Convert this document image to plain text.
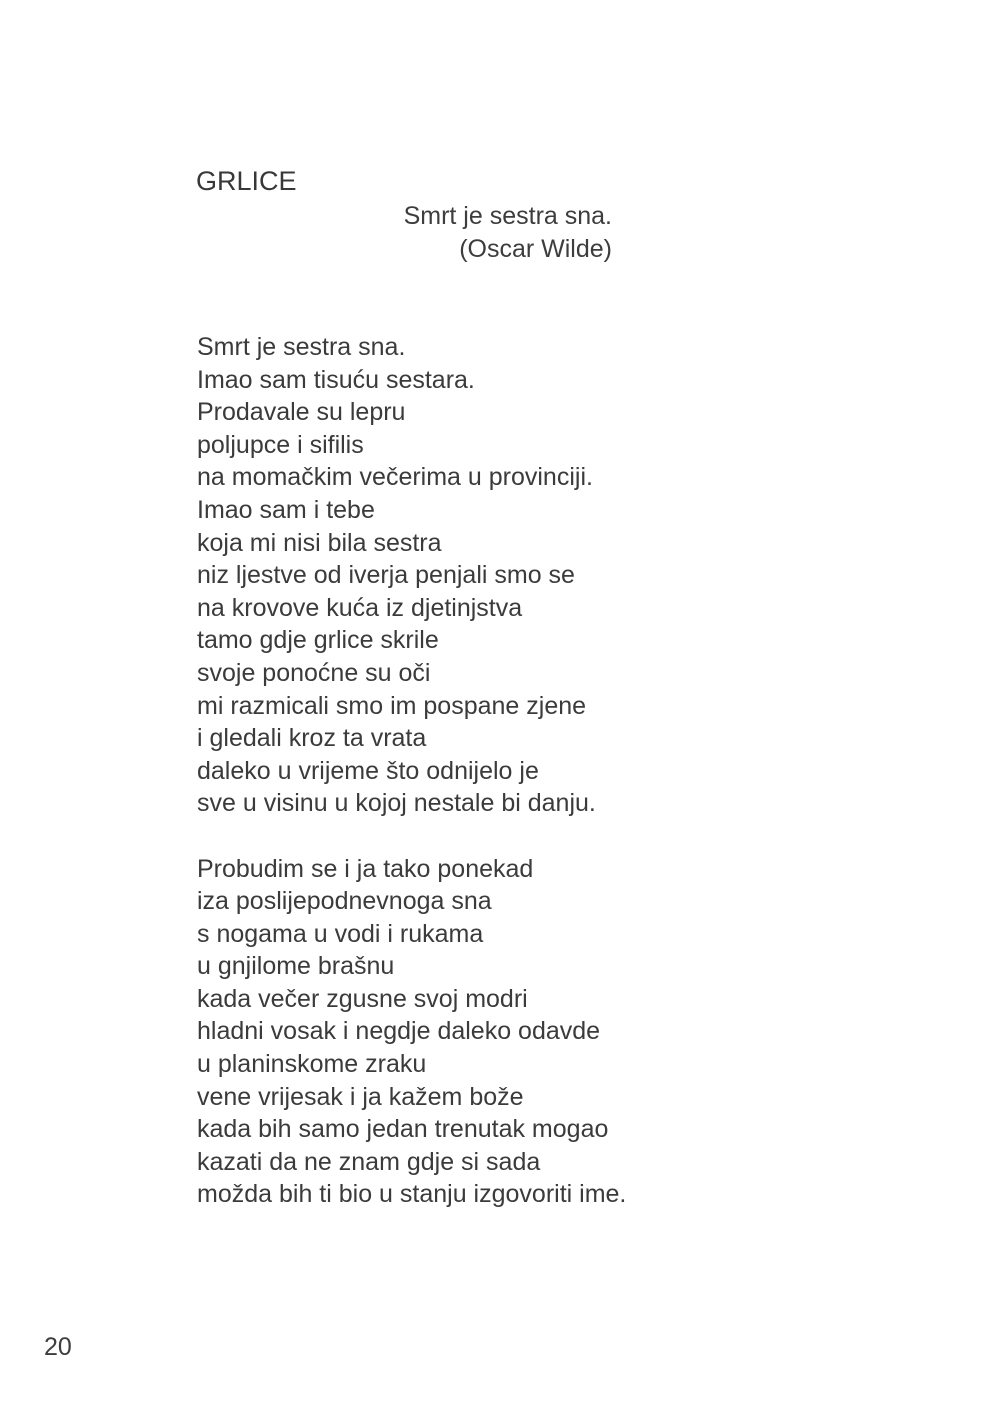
GRLICE
Smrt je sestra sna.
(Oscar Wilde)
Smrt je sestra sna.
Imao sam tisuću sestara.
Prodavale su lepru
poljupce i sifilis
na momačkim večerima u provinciji.
Imao sam i tebe
koja mi nisi bila sestra
niz ljestve od iverja penjali smo se
na krovove kuća iz djetinjstva
tamo gdje grlice skrile
svoje ponoćne su oči
mi razmicali smo im pospane zjene
i gledali kroz ta vrata
daleko u vrijeme što odnijelo je
sve u visinu u kojoj nestale bi danju.
Probudim se i ja tako ponekad
iza poslijepodnevnoga sna
s nogama u vodi i rukama
u gnjilome brašnu
kada večer zgusne svoj modri
hladni vosak i negdje daleko odavde
u planinskome zraku
vene vrijesak i ja kažem bože
kada bih samo jedan trenutak mogao
kazati da ne znam gdje si sada
možda bih ti bio u stanju izgovoriti ime.
20
